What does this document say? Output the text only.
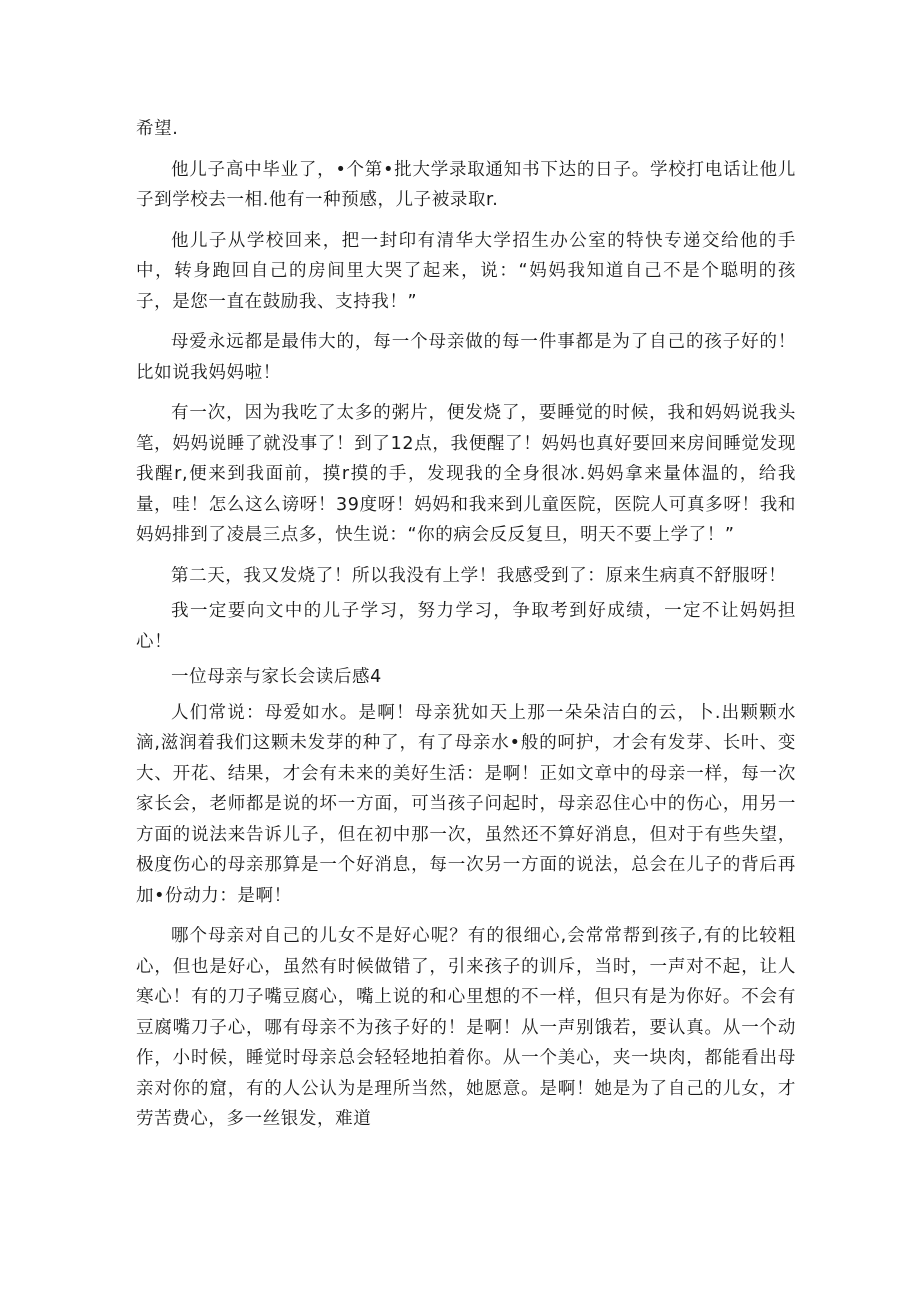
希望.

他儿子高中毕业了，•个第•批大学录取通知书下达的日子。学校打电话让他儿子到学校去一相.他有一种预感，儿子被录取r.

他儿子从学校回来，把一封印有清华大学招生办公室的特快专递交给他的手中，转身跑回自己的房间里大哭了起来，说：“妈妈我知道自己不是个聪明的孩子，是您一直在鼓励我、支持我！”

母爱永远都是最伟大的，每一个母亲做的每一件事都是为了自己的孩子好的！比如说我妈妈啦！

有一次，因为我吃了太多的粥片，便发烧了，要睡觉的时候，我和妈妈说我头笔，妈妈说睡了就没事了！到了12点，我便醒了！妈妈也真好要回来房间睡觉发现我醒r,便来到我面前，摸r摸的手，发现我的全身很冰.妈妈拿来量体温的，给我量，哇！怎么这么谤呀！39度呀！妈妈和我来到儿童医院，医院人可真多呀！我和妈妈排到了凌晨三点多，快生说：“你的病会反反复旦，明天不要上学了！”

第二天，我又发烧了！所以我没有上学！我感受到了：原来生病真不舒服呀！

我一定要向文中的儿子学习，努力学习，争取考到好成绩，一定不让妈妈担心！

一位母亲与家长会读后感4

人们常说：母爱如水。是啊！母亲犹如天上那一朵朵洁白的云，卜.出颗颗水滴,滋润着我们这颗未发芽的种了，有了母亲水•般的呵护，才会有发芽、长叶、变大、开花、结果，才会有未来的美好生活：是啊！正如文章中的母亲一样，每一次家长会，老师都是说的坏一方面，可当孩子问起时，母亲忍住心中的伤心，用另一方面的说法来告诉儿子，但在初中那一次，虽然还不算好消息，但对于有些失望，极度伤心的母亲那算是一个好消息，每一次另一方面的说法，总会在儿子的背后再加•份动力：是啊！

哪个母亲对自己的儿女不是好心呢？有的很细心,会常常帮到孩子,有的比较粗心，但也是好心，虽然有时候做错了，引来孩子的训斥，当时，一声对不起，让人寒心！有的刀子嘴豆腐心，嘴上说的和心里想的不一样，但只有是为你好。不会有豆腐嘴刀子心，哪有母亲不为孩子好的！是啊！从一声别饿若，要认真。从一个动作，小时候，睡觉时母亲总会轻轻地拍着你。从一个美心，夹一块肉，都能看出母亲对你的窟，有的人公认为是理所当然，她愿意。是啊！她是为了自己的儿女，才劳苦费心，多一丝银发，难道
